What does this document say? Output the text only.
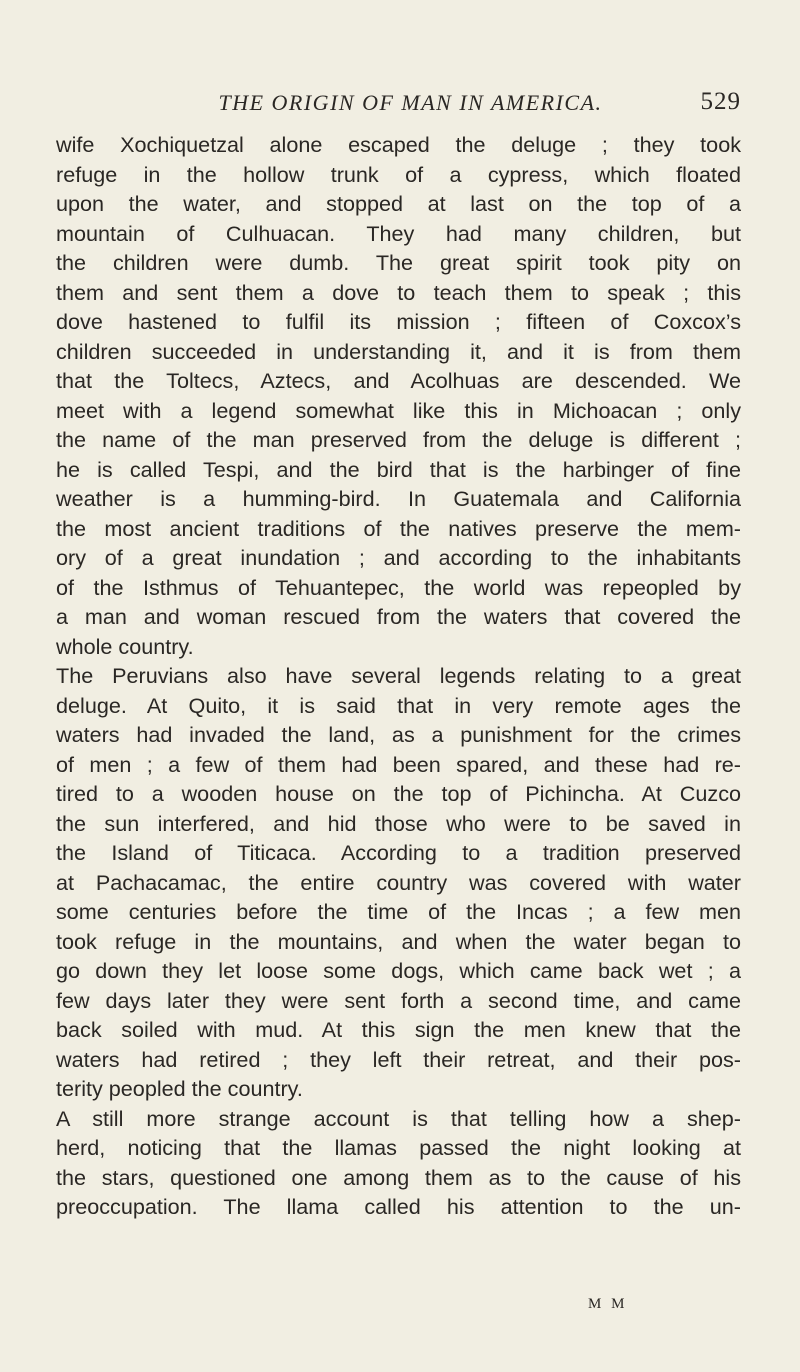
THE ORIGIN OF MAN IN AMERICA.	529
wife Xochiquetzal alone escaped the deluge ; they took
refuge in the hollow trunk of a cypress, which floated
upon the water, and stopped at last on the top of a
mountain of Culhuacan. They had many children, but
the children were dumb. The great spirit took pity on
them and sent them a dove to teach them to speak ; this
dove hastened to fulfil its mission ; fifteen of Coxcox’s
children succeeded in understanding it, and it is from them
that the Toltecs, Aztecs, and Acolhuas are descended. We
meet with a legend somewhat like this in Michoacan ; only
the name of the man preserved from the deluge is different ;
he is called Tespi, and the bird that is the harbinger of fine
weather is a humming-bird. In Guatemala and California
the most ancient traditions of the natives preserve the mem-
ory of a great inundation ; and according to the inhabitants
of the Isthmus of Tehuantepec, the world was repeopled by
a man and woman rescued from the waters that covered the
whole country.
The Peruvians also have several legends relating to a great
deluge. At Quito, it is said that in very remote ages the
waters had invaded the land, as a punishment for the crimes
of men ; a few of them had been spared, and these had re-
tired to a wooden house on the top of Pichincha. At Cuzco
the sun interfered, and hid those who were to be saved in
the Island of Titicaca. According to a tradition preserved
at Pachacamac, the entire country was covered with water
some centuries before the time of the Incas ; a few men
took refuge in the mountains, and when the water began to
go down they let loose some dogs, which came back wet ; a
few days later they were sent forth a second time, and came
back soiled with mud. At this sign the men knew that the
waters had retired ; they left their retreat, and their pos-
terity peopled the country.
A still more strange account is that telling how a shep-
herd, noticing that the llamas passed the night looking at
the stars, questioned one among them as to the cause of his
preoccupation. The llama called his attention to the un-
M M
